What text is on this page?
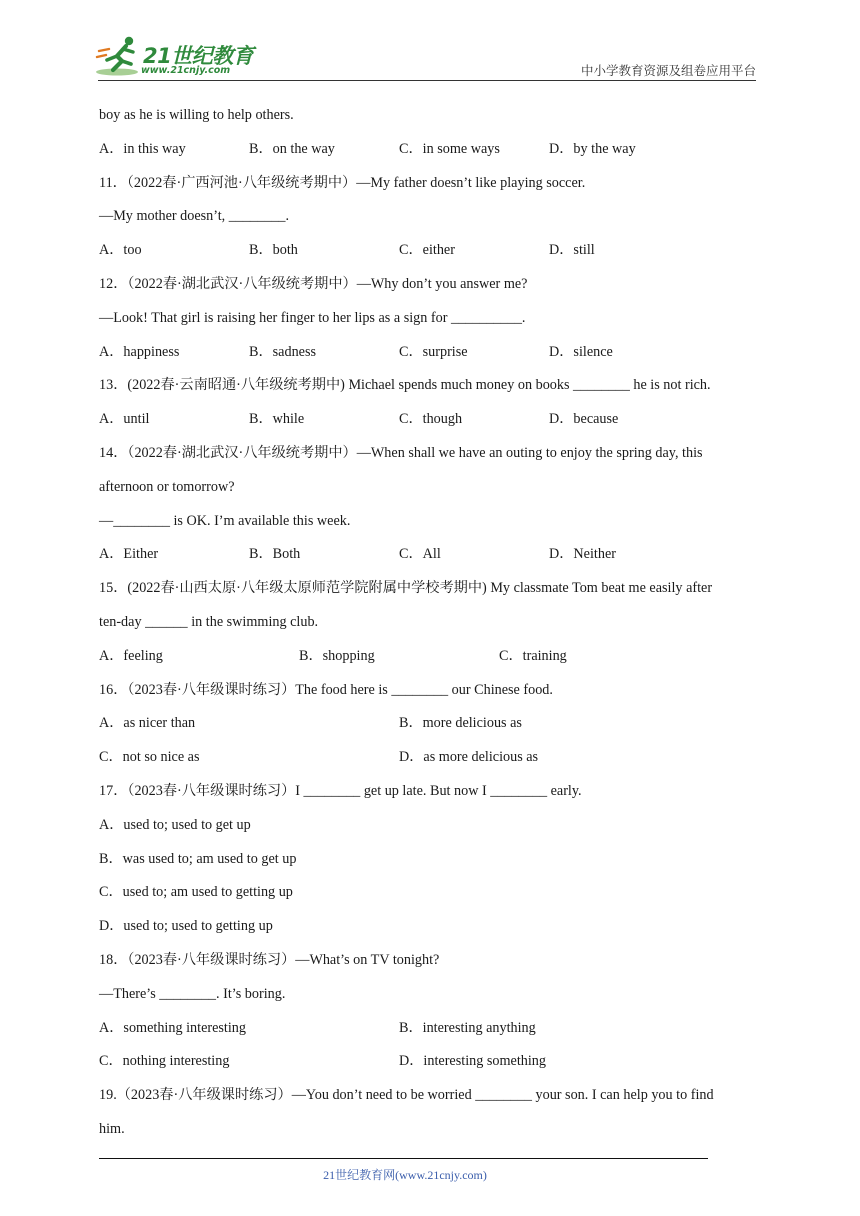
21世纪教育
www.21cnjy.com	中小学教育资源及组卷应用平台
boy as he is willing to help others.
A．in this way	B．on the way	C．in some ways	D．by the way
11．（2022春·广西河池·八年级统考期中）—My father doesn’t like playing soccer.
—My mother doesn’t, ________.
A．too	B．both	C．either	D．still
12．（2022春·湖北武汉·八年级统考期中）—Why don’t you answer me?
—Look! That girl is raising her finger to her lips as a sign for __________.
A．happiness	B．sadness	C．surprise	D．silence
13．(2022春·云南昭通·八年级统考期中) Michael spends much money on books ________ he is not rich.
A．until	B．while	C．though	D．because
14．（2022春·湖北武汉·八年级统考期中）—When shall we have an outing to enjoy the spring day, this
afternoon or tomorrow?
—________ is OK. I’m available this week.
A．Either	B．Both	C．All	D．Neither
15．(2022春·山西太原·八年级太原师范学院附属中学校考期中) My classmate Tom beat me easily after
ten-day ______ in the swimming club.
A．feeling	B．shopping	C．training
16．（2023春·八年级课时练习）The food here is ________ our Chinese food.
A．as nicer than	B．more delicious as
C．not so nice as	D．as more delicious as
17．（2023春·八年级课时练习）I ________ get up late. But now I ________ early.
A．used to; used to get up
B．was used to; am used to get up
C．used to; am used to getting up
D．used to; used to getting up
18．（2023春·八年级课时练习）—What’s on TV tonight?
—There’s ________. It’s boring.
A．something interesting	B．interesting anything
C．nothing interesting	D．interesting something
19.（2023春·八年级课时练习）—You don’t need to be worried ________ your son. I can help you to find
him.
21世纪教育网(www.21cnjy.com)
